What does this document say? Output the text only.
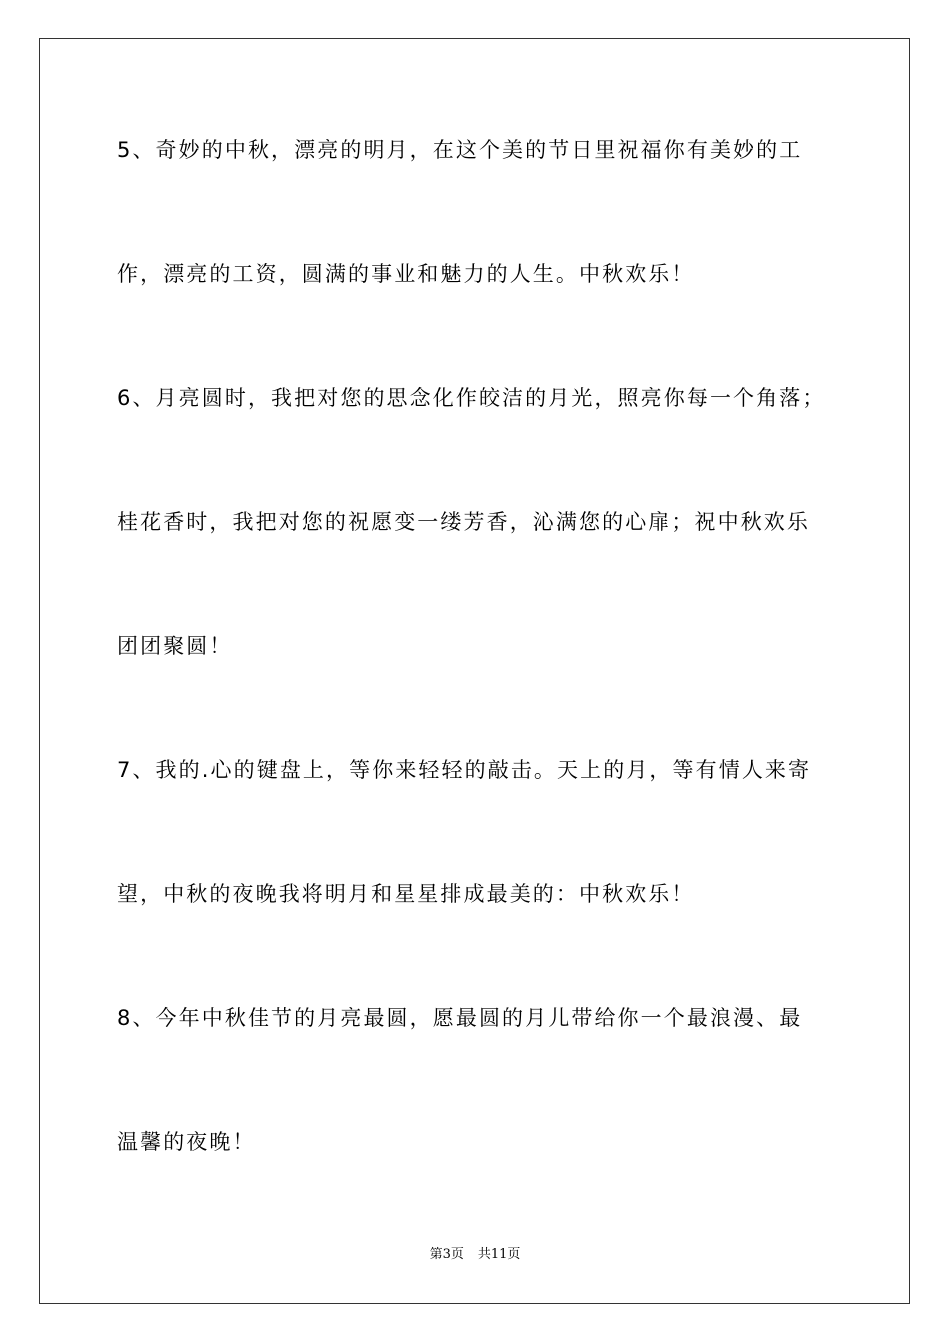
5、奇妙的中秋，漂亮的明月，在这个美的节日里祝福你有美妙的工
作，漂亮的工资，圆满的事业和魅力的人生。中秋欢乐！
6、月亮圆时，我把对您的思念化作皎洁的月光，照亮你每一个角落；
桂花香时，我把对您的祝愿变一缕芳香，沁满您的心扉；祝中秋欢乐
团团聚圆！
7、我的.心的键盘上，等你来轻轻的敲击。天上的月，等有情人来寄
望，中秋的夜晚我将明月和星星排成最美的：中秋欢乐！
8、今年中秋佳节的月亮最圆，愿最圆的月儿带给你一个最浪漫、最
温馨的夜晚！
第3页 共11页
